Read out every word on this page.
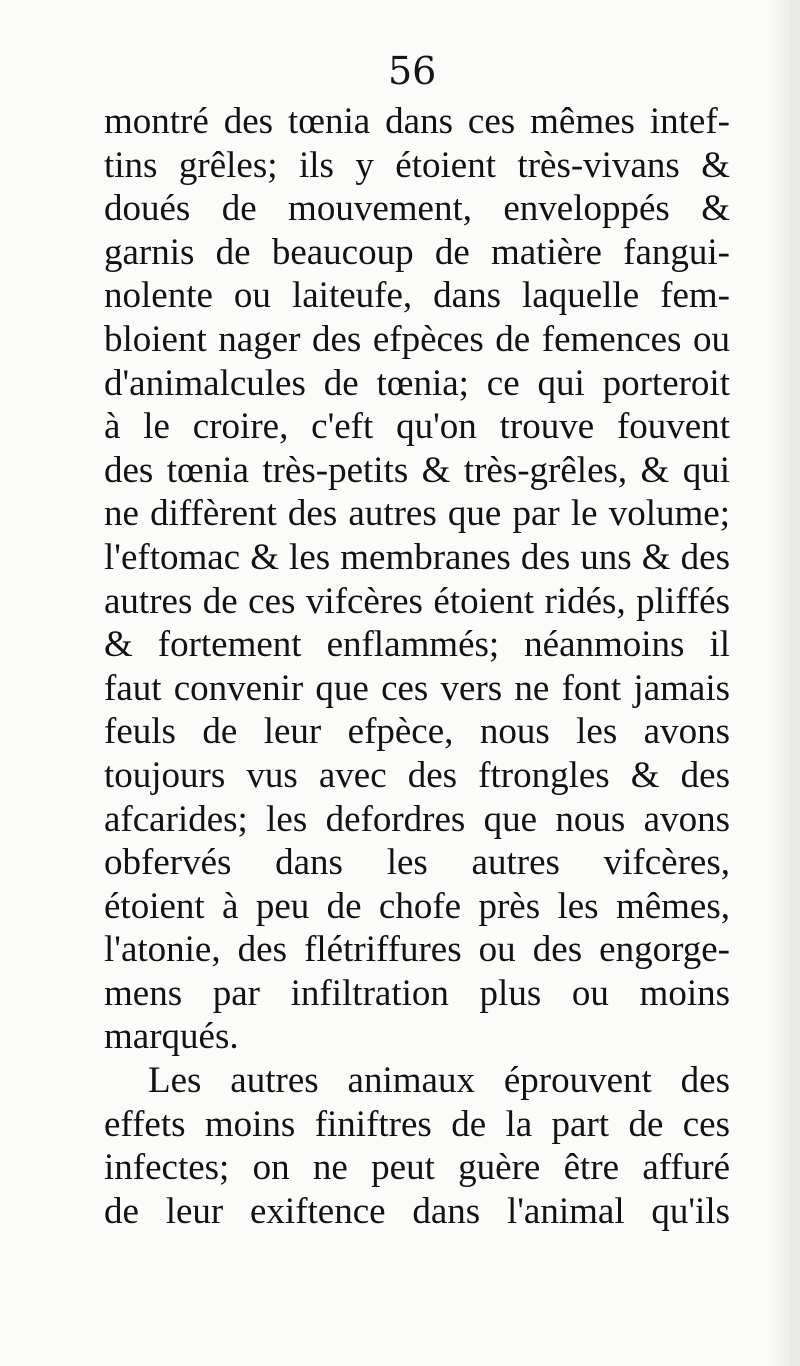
56

montré des tœnia dans ces mêmes intef-
tins grêles; ils y étoient très-vivans &
doués de mouvement, enveloppés &
garnis de beaucoup de matière fangui-
nolente ou laiteufe, dans laquelle fem-
bloient nager des efpèces de femences ou
d'animalcules de tœnia; ce qui porteroit
à le croire, c'eft qu'on trouve fouvent
des tœnia très-petits & très-grêles, & qui
ne diffèrent des autres que par le volume;
l'eftomac & les membranes des uns & des
autres de ces vifcères étoient ridés, pliffés
& fortement enflammés; néanmoins il
faut convenir que ces vers ne font jamais
feuls de leur efpèce, nous les avons
toujours vus avec des ftrongles & des
afcarides; les defordres que nous avons
obfervés dans les autres vifcères,
étoient à peu de chofe près les mêmes,
l'atonie, des flétriffures ou des engorge-
mens par infiltration plus ou moins
marqués.
Les autres animaux éprouvent des
effets moins finiftres de la part de ces
infectes; on ne peut guère être affuré
de leur exiftence dans l'animal qu'ils
